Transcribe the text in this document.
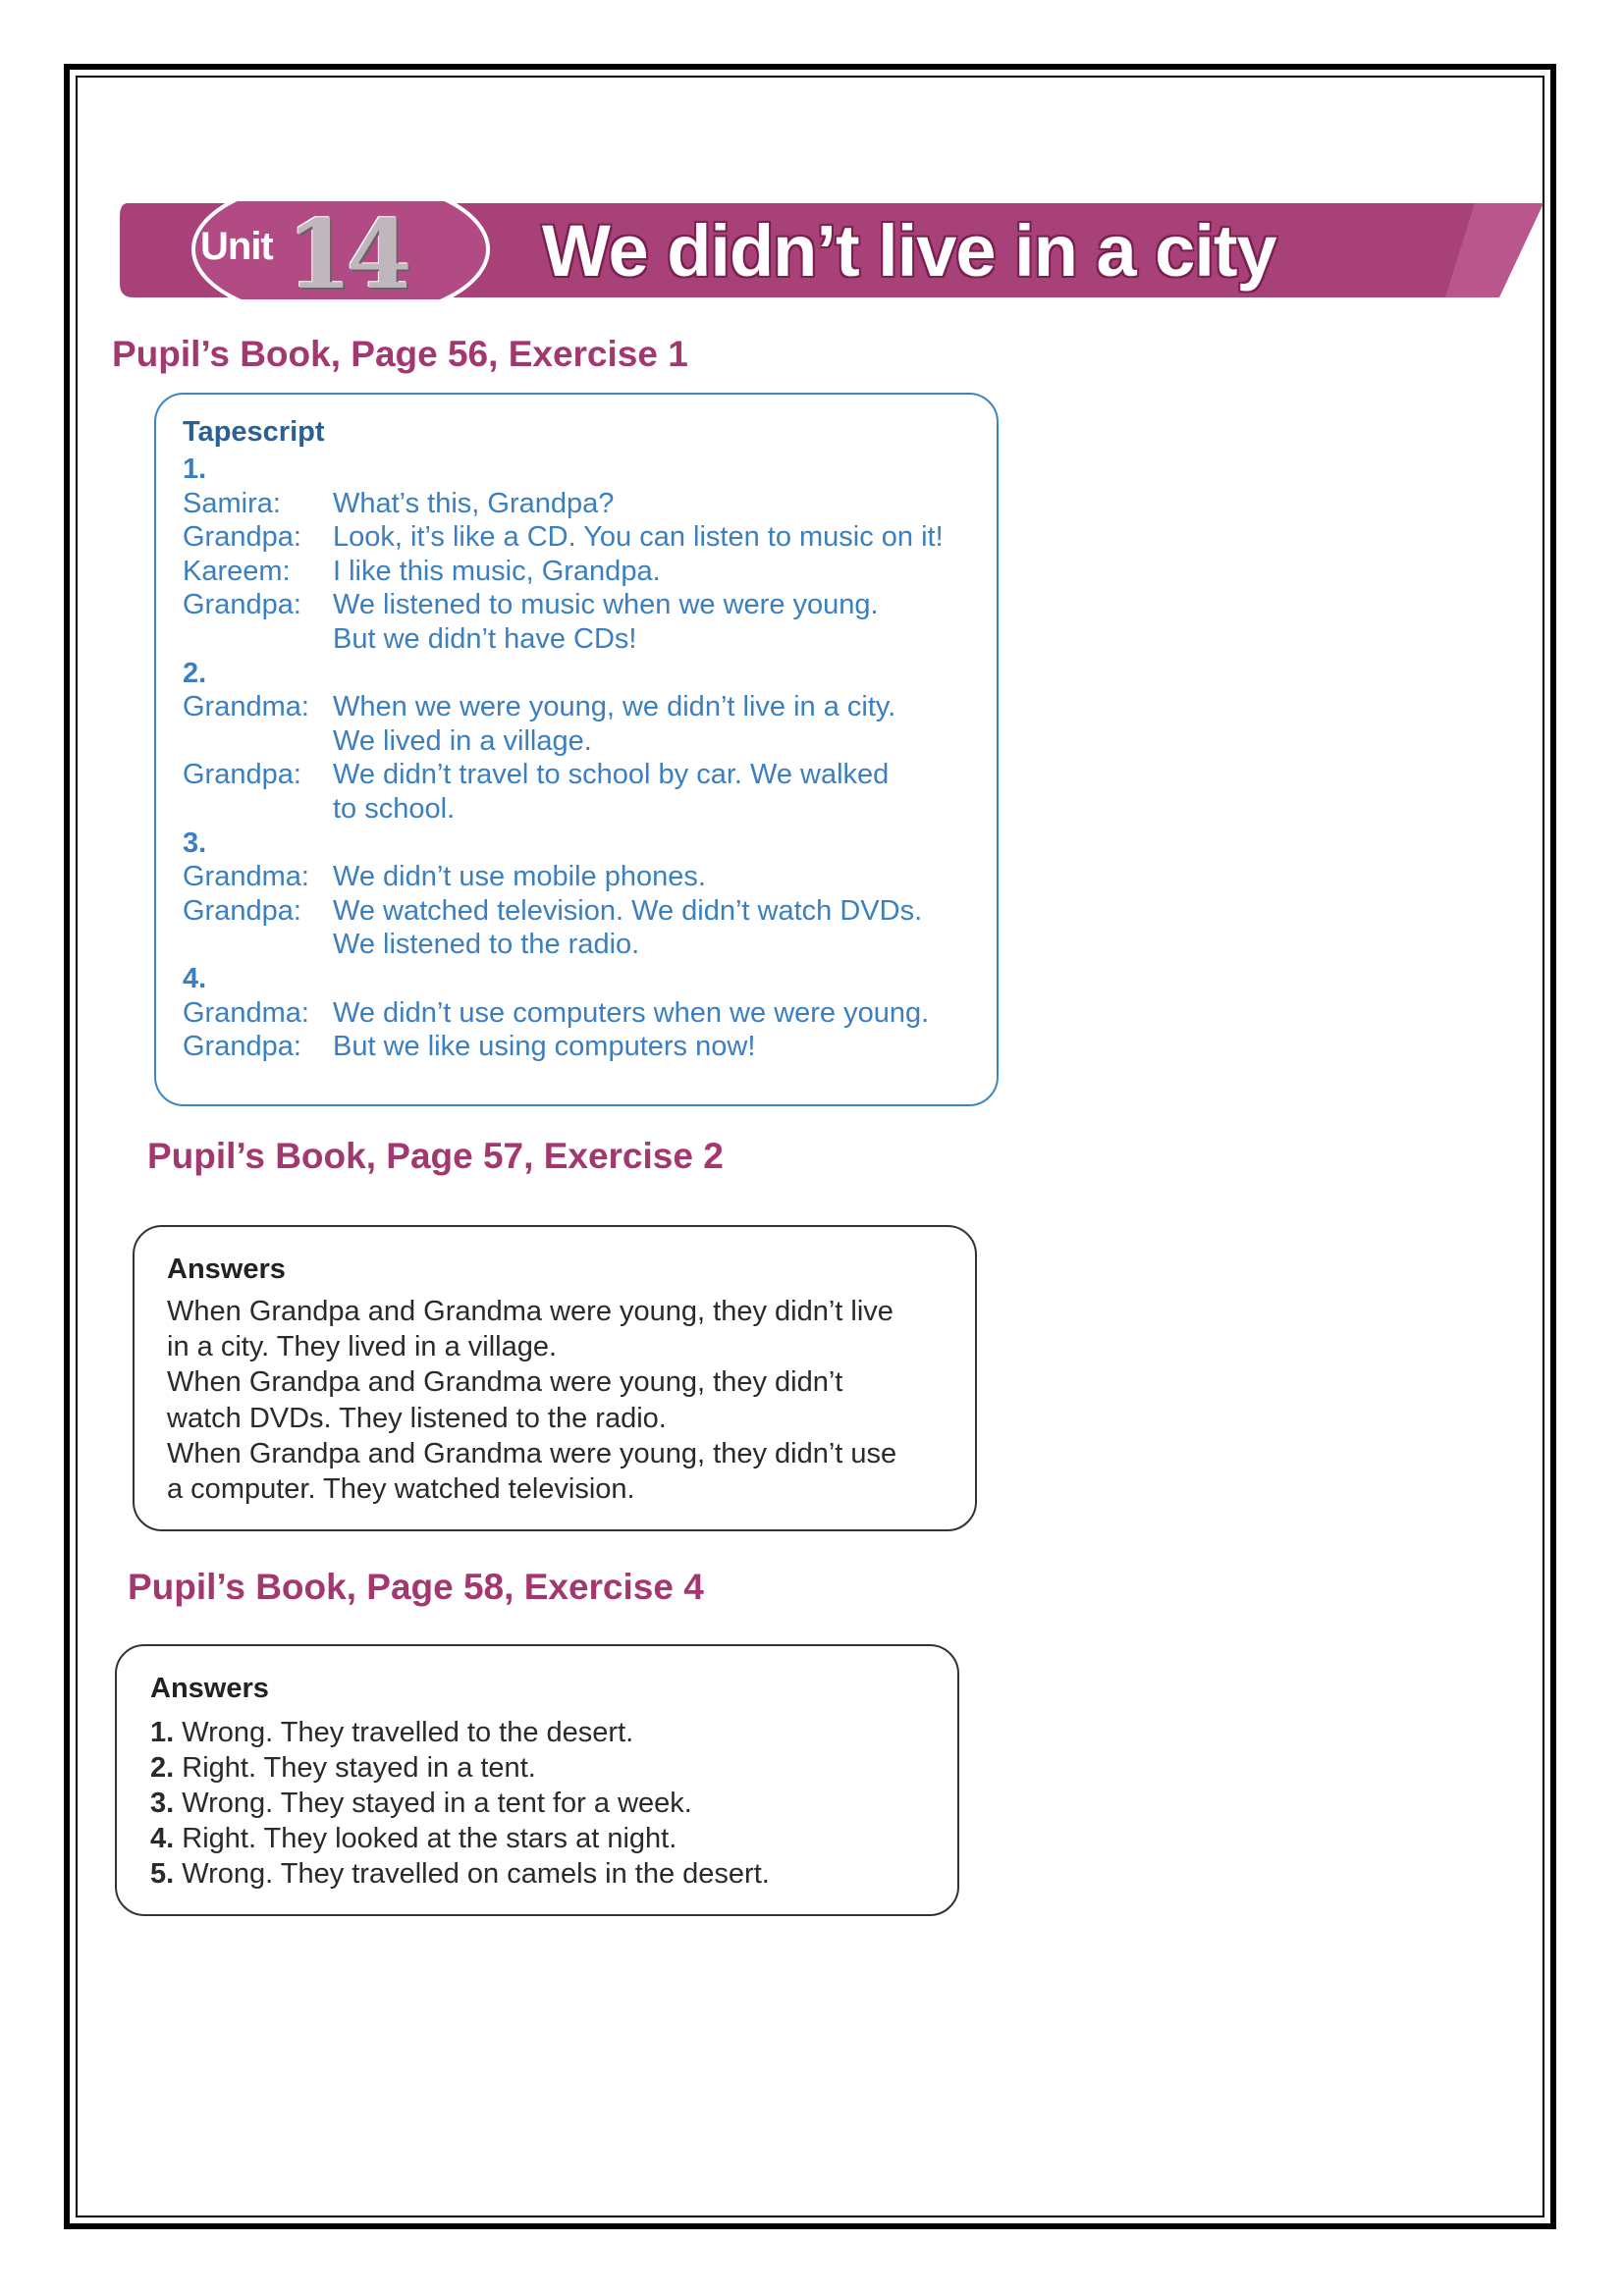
Unit 14 We didn’t live in a city
Pupil’s Book, Page 56, Exercise 1
Tapescript
1.
Samira: What’s this, Grandpa?
Grandpa: Look, it’s like a CD. You can listen to music on it!
Kareem: I like this music, Grandpa.
Grandpa: We listened to music when we were young.
But we didn’t have CDs!
2.
Grandma: When we were young, we didn’t live in a city.
We lived in a village.
Grandpa: We didn’t travel to school by car. We walked
to school.
3.
Grandma: We didn’t use mobile phones.
Grandpa: We watched television. We didn’t watch DVDs.
We listened to the radio.
4.
Grandma: We didn’t use computers when we were young.
Grandpa: But we like using computers now!
Pupil’s Book, Page 57, Exercise 2
Answers
When Grandpa and Grandma were young, they didn’t live
in a city. They lived in a village.
When Grandpa and Grandma were young, they didn’t
watch DVDs. They listened to the radio.
When Grandpa and Grandma were young, they didn’t use
a computer. They watched television.
Pupil’s Book, Page 58, Exercise 4
Answers
1. Wrong. They travelled to the desert.
2. Right. They stayed in a tent.
3. Wrong. They stayed in a tent for a week.
4. Right. They looked at the stars at night.
5. Wrong. They travelled on camels in the desert.
